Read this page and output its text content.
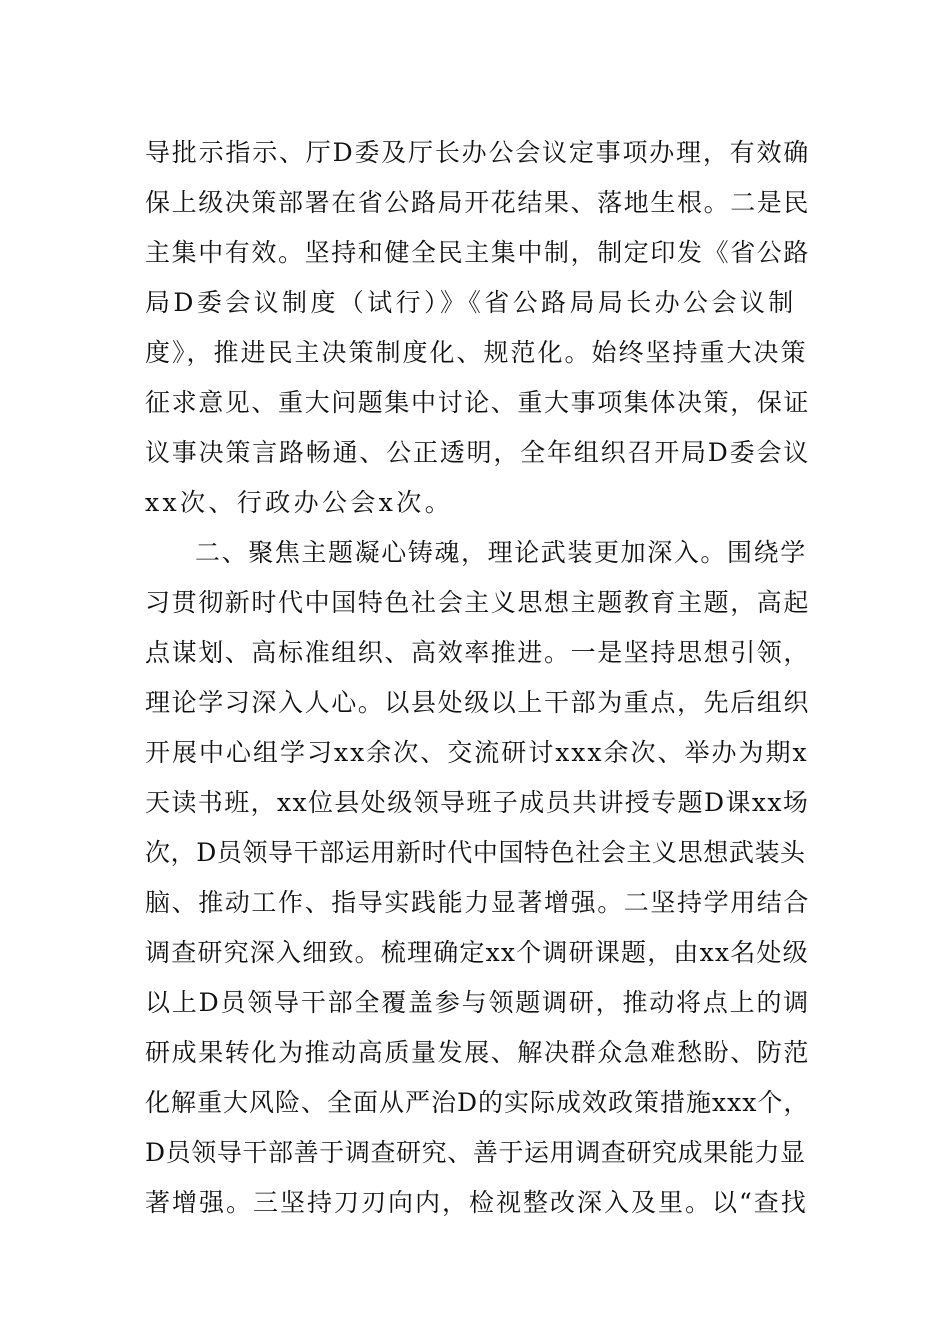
导批示指示、厅D委及厅长办公会议定事项办理，有效确
保上级决策部署在省公路局开花结果、落地生根。二是民
主集中有效。坚持和健全民主集中制，制定印发《省公路
局D委会议制度（试行）》《省公路局局长办公会议制
度》，推进民主决策制度化、规范化。始终坚持重大决策
征求意见、重大问题集中讨论、重大事项集体决策，保证
议事决策言路畅通、公正透明，全年组织召开局D委会议
xx次、行政办公会x次。
二、聚焦主题凝心铸魂，理论武装更加深入。围绕学
习贯彻新时代中国特色社会主义思想主题教育主题，高起
点谋划、高标准组织、高效率推进。一是坚持思想引领，
理论学习深入人心。以县处级以上干部为重点，先后组织
开展中心组学习xx余次、交流研讨xxx余次、举办为期x
天读书班，xx位县处级领导班子成员共讲授专题D课xx场
次，D员领导干部运用新时代中国特色社会主义思想武装头
脑、推动工作、指导实践能力显著增强。二坚持学用结合
调查研究深入细致。梳理确定xx个调研课题，由xx名处级
以上D员领导干部全覆盖参与领题调研，推动将点上的调
研成果转化为推动高质量发展、解决群众急难愁盼、防范
化解重大风险、全面从严治D的实际成效政策措施xxx个，
D员领导干部善于调查研究、善于运用调查研究成果能力显
著增强。三坚持刀刃向内，检视整改深入及里。以“查找
